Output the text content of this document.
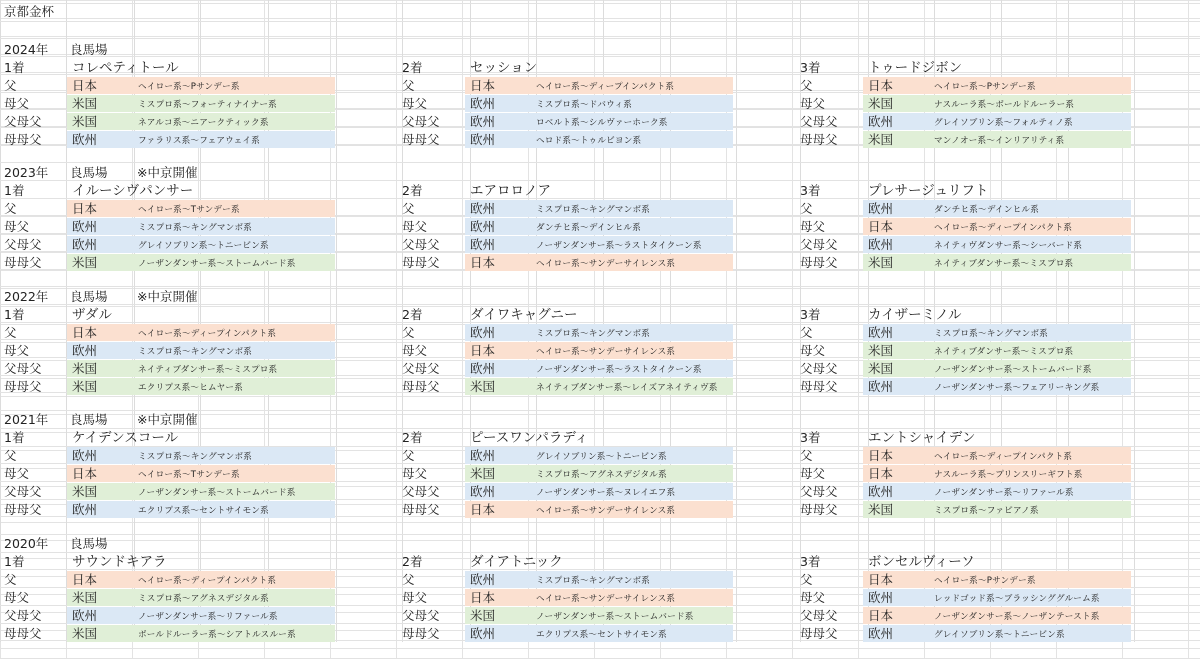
京都金杯
2024年 良馬場
1着	コレペティトール
父	日本	ヘイロー系～Pサンデー系
母父	米国	ミスプロ系～フォーティナイナー系
父母父 米国	ネアルコ系～ニアークティック系
母母父 欧州	ファラリス系～フェアウェイ系
2着	セッション
父	日本	ヘイロー系～ディープインパクト系
母父	欧州	ミスプロ系～ドバウィ系
父母父 欧州	ロベルト系～シルヴァーホーク系
母母父 欧州	ヘロド系～トゥルビヨン系
3着	トゥードジボン
父	日本	ヘイロー系～Pサンデー系
母父	米国	ナスルーラ系～ボールドルーラー系
父母父 欧州	グレイソブリン系～フォルティノ系
母母父 米国	マンノオー系～インリアリティ系
2023年 良馬場 ※中京開催
1着	イルーシヴパンサー
父	日本	ヘイロー系～Tサンデー系
母父	欧州	ミスプロ系～キングマンボ系
父母父 欧州	グレイソブリン系～トニービン系
母母父 米国	ノーザンダンサー系～ストームバード系
2着	エアロロノア
父	欧州	ミスプロ系～キングマンボ系
母父	欧州	ダンチヒ系～デインヒル系
父母父 欧州	ノーザンダンサー系～ラストタイクーン系
母母父 日本	ヘイロー系～サンデーサイレンス系
3着	プレサージュリフト
父	欧州	ダンチヒ系～デインヒル系
母父	日本	ヘイロー系～ディープインパクト系
父母父 欧州	ネイティヴダンサー系～シーバード系
母母父 米国	ネイティブダンサー系～ミスプロ系
2022年 良馬場 ※中京開催
1着	ザダル
父	日本	ヘイロー系～ディープインパクト系
母父	欧州	ミスプロ系～キングマンボ系
父母父 米国	ネイティブダンサー系～ミスプロ系
母母父 米国	エクリプス系～ヒムヤー系
2着	ダイワキャグニー
父	欧州	ミスプロ系～キングマンボ系
母父	日本	ヘイロー系～サンデーサイレンス系
父母父 欧州	ノーザンダンサー系～ラストタイクーン系
母母父 米国	ネイティブダンサー系～レイズアネイティヴ系
3着	カイザーミノル
父	欧州	ミスプロ系～キングマンボ系
母父	米国	ネイティブダンサー系～ミスプロ系
父母父 米国	ノーザンダンサー系～ストームバード系
母母父 欧州	ノーザンダンサー系～フェアリーキング系
2021年 良馬場 ※中京開催
1着	ケイデンスコール
父	欧州	ミスプロ系～キングマンボ系
母父	日本	ヘイロー系～Tサンデー系
父母父 米国	ノーザンダンサー系～ストームバード系
母母父 欧州	エクリプス系～セントサイモン系
2着	ピースワンパラディ
父	欧州	グレイソブリン系～トニービン系
母父	米国	ミスプロ系～アグネスデジタル系
父母父 欧州	ノーザンダンサー系～ヌレイエフ系
母母父 日本	ヘイロー系～サンデーサイレンス系
3着	エントシャイデン
父	日本	ヘイロー系～ディープインパクト系
母父	日本	ナスルーラ系～プリンスリーギフト系
父母父 欧州	ノーザンダンサー系～リファール系
母母父 米国	ミスプロ系～ファピアノ系
2020年 良馬場
1着	サウンドキアラ
父	日本	ヘイロー系～ディープインパクト系
母父	米国	ミスプロ系～アグネスデジタル系
父母父 欧州	ノーザンダンサー系～リファール系
母母父 米国	ボールドルーラー系～シアトルスルー系
2着	ダイアトニック
父	欧州	ミスプロ系～キングマンボ系
母父	日本	ヘイロー系～サンデーサイレンス系
父母父 米国	ノーザンダンサー系～ストームバード系
母母父 欧州	エクリプス系～セントサイモン系
3着	ボンセルヴィーソ
父	日本	ヘイロー系～Pサンデー系
母父	欧州	レッドゴッド系～ブラッシンググルーム系
父母父 日本	ノーザンダンサー系～ノーザンテースト系
母母父 欧州	グレイソブリン系～トニービン系
